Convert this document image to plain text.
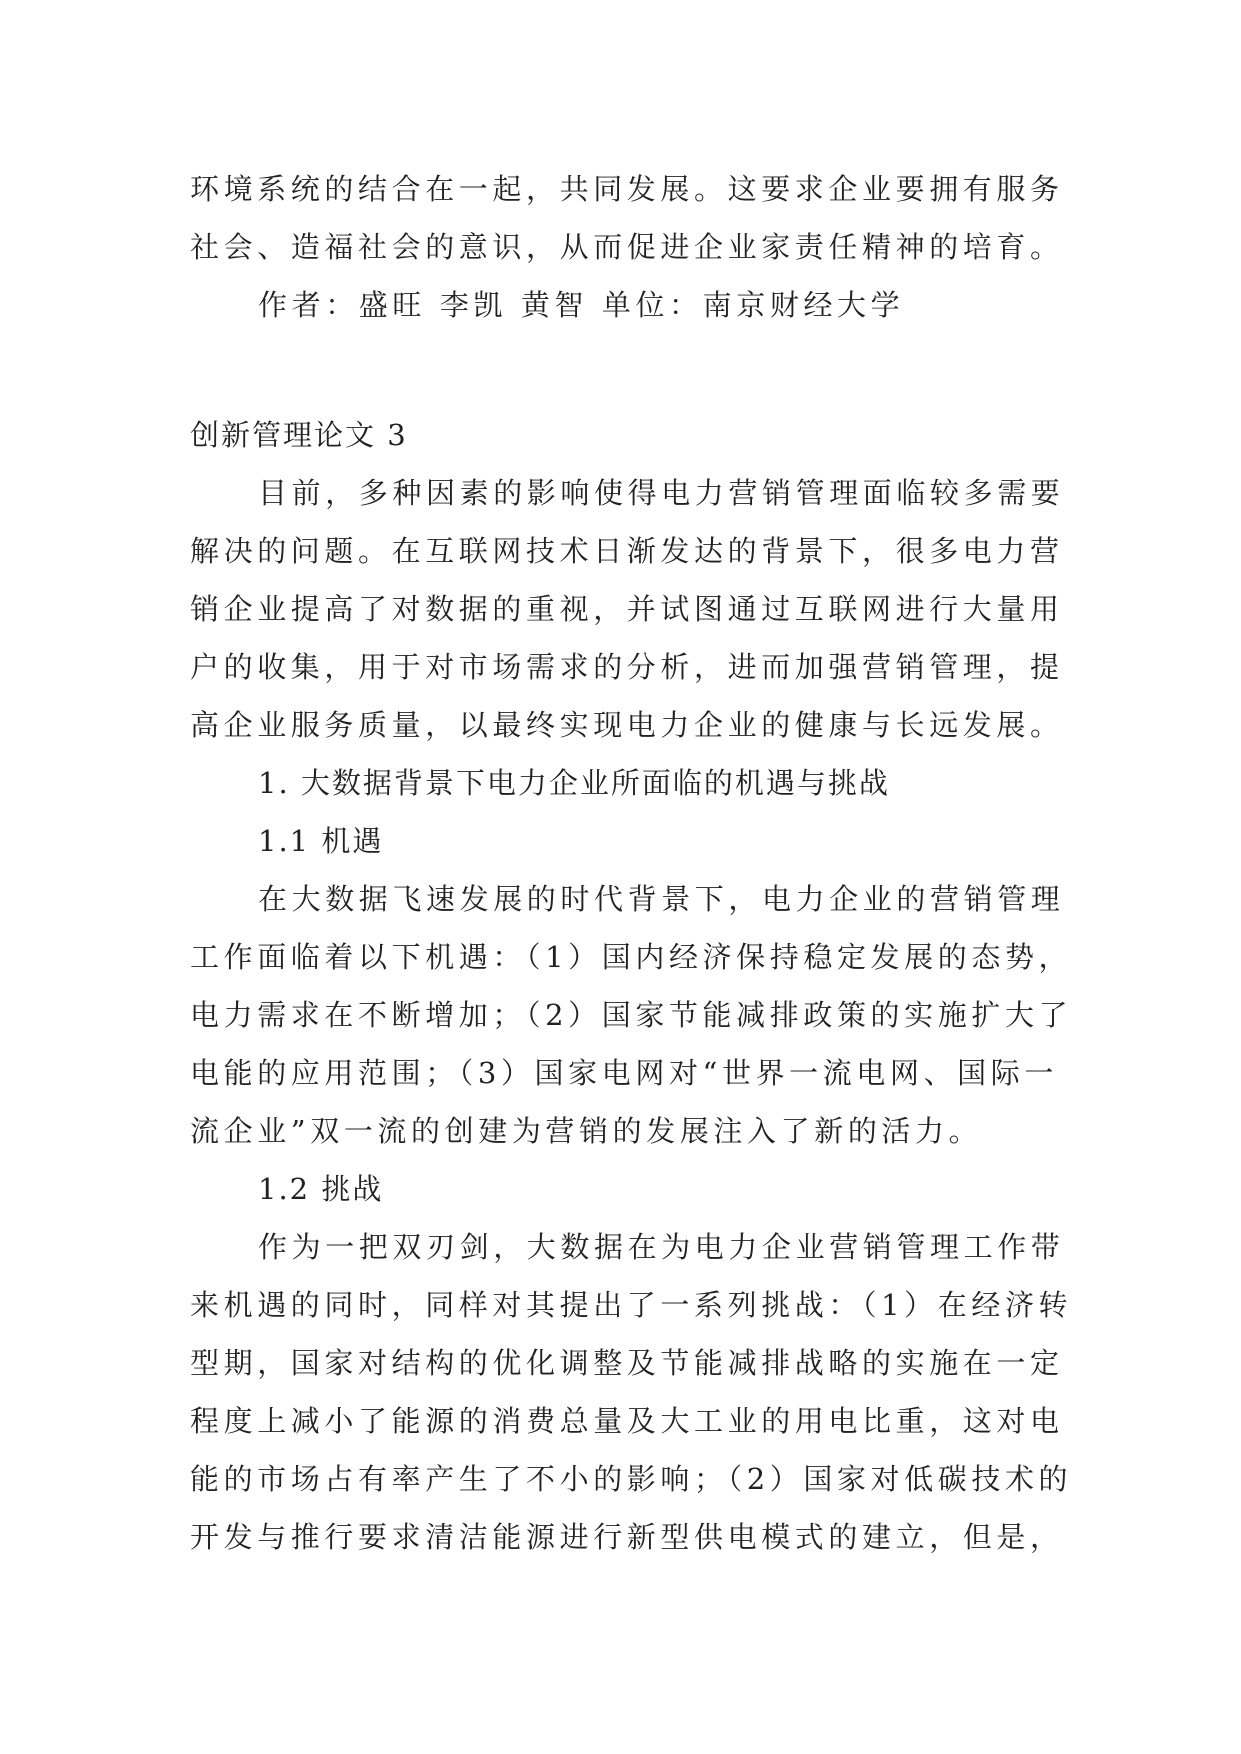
环境系统的结合在一起，共同发展。这要求企业要拥有服务
社会、造福社会的意识，从而促进企业家责任精神的培育。
作者：盛旺 李凯 黄智 单位：南京财经大学
创新管理论文 3
目前，多种因素的影响使得电力营销管理面临较多需要
解决的问题。在互联网技术日渐发达的背景下，很多电力营
销企业提高了对数据的重视，并试图通过互联网进行大量用
户的收集，用于对市场需求的分析，进而加强营销管理，提
高企业服务质量，以最终实现电力企业的健康与长远发展。
1. 大数据背景下电力企业所面临的机遇与挑战
1.1 机遇
在大数据飞速发展的时代背景下，电力企业的营销管理
工作面临着以下机遇：（1）国内经济保持稳定发展的态势，
电力需求在不断增加；（2）国家节能减排政策的实施扩大了
电能的应用范围；（3）国家电网对“世界一流电网、国际一
流企业”双一流的创建为营销的发展注入了新的活力。
1.2 挑战
作为一把双刃剑，大数据在为电力企业营销管理工作带
来机遇的同时，同样对其提出了一系列挑战：（1）在经济转
型期，国家对结构的优化调整及节能减排战略的实施在一定
程度上减小了能源的消费总量及大工业的用电比重，这对电
能的市场占有率产生了不小的影响；（2）国家对低碳技术的
开发与推行要求清洁能源进行新型供电模式的建立，但是，
